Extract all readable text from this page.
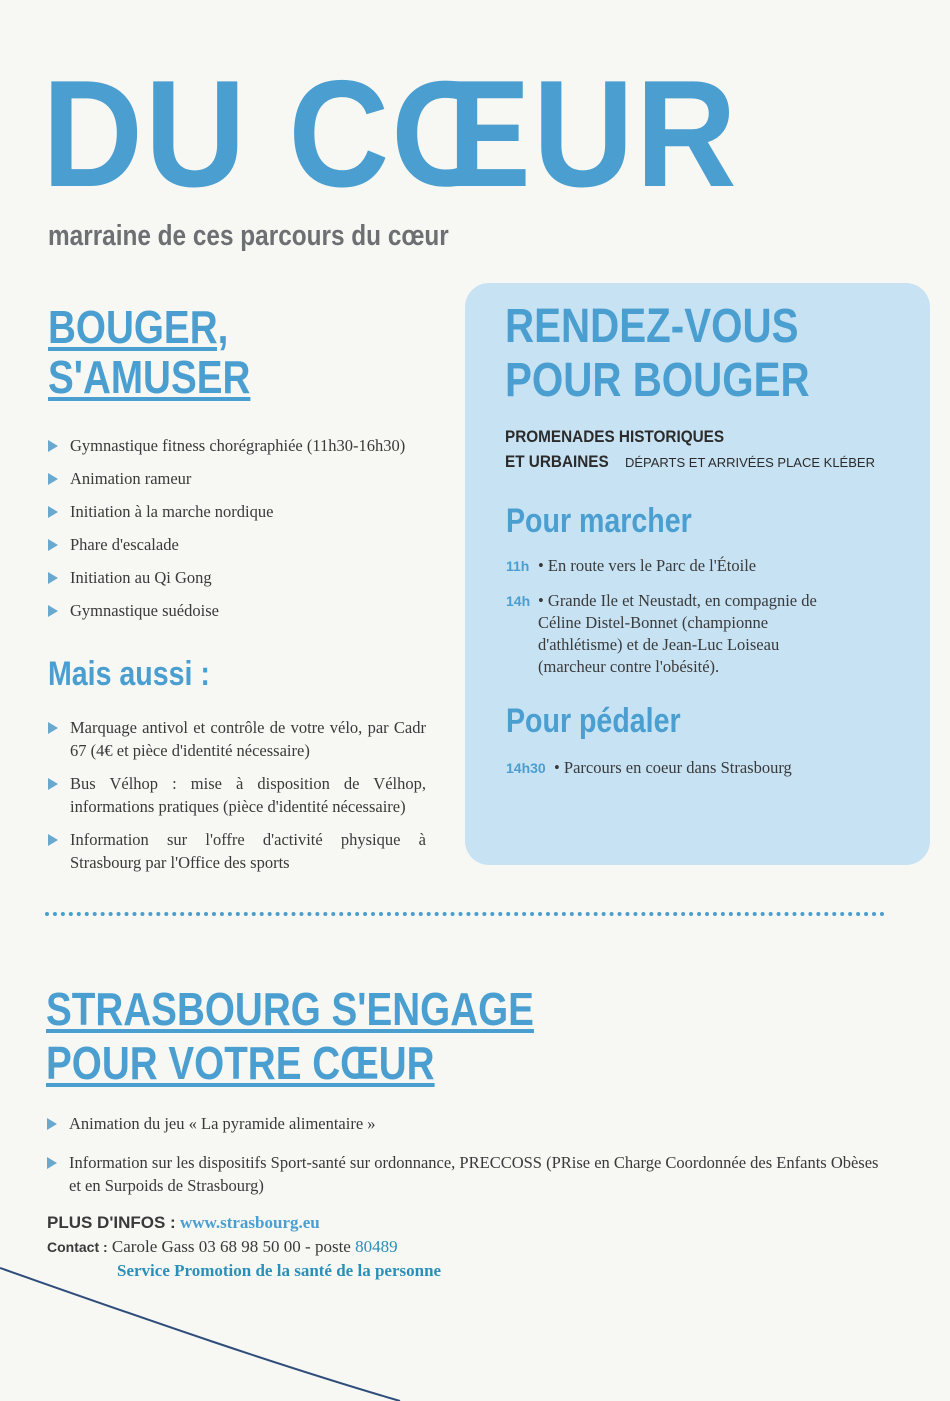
DU CŒUR
marraine de ces parcours du cœur
BOUGER,
S'AMUSER
Gymnastique fitness chorégraphiée (11h30-16h30)
Animation rameur
Initiation à la marche nordique
Phare d'escalade
Initiation au Qi Gong
Gymnastique suédoise
Mais aussi :
Marquage antivol et contrôle de votre vélo, par Cadr 67 (4€ et pièce d'identité nécessaire)
Bus Vélhop : mise à disposition de Vélhop, informations pratiques (pièce d'identité nécessaire)
Information sur l'offre d'activité physique à Strasbourg par l'Office des sports
RENDEZ-VOUS
POUR BOUGER
PROMENADES HISTORIQUES
ET URBAINES DÉPARTS ET ARRIVÉES PLACE KLÉBER
Pour marcher
11h • En route vers le Parc de l'Étoile
14h • Grande Ile et Neustadt, en compagnie de Céline Distel-Bonnet (championne d'athlétisme) et de Jean-Luc Loiseau (marcheur contre l'obésité).
Pour pédaler
14h30 • Parcours en coeur dans Strasbourg
STRASBOURG S'ENGAGE
POUR VOTRE CŒUR
Animation du jeu « La pyramide alimentaire »
Information sur les dispositifs Sport-santé sur ordonnance, PRECCOSS (PRise en Charge Coordonnée des Enfants Obèses et en Surpoids de Strasbourg)
PLUS D'INFOS : www.strasbourg.eu
Contact : Carole Gass 03 68 98 50 00 - poste 80489
Service Promotion de la santé de la personne
